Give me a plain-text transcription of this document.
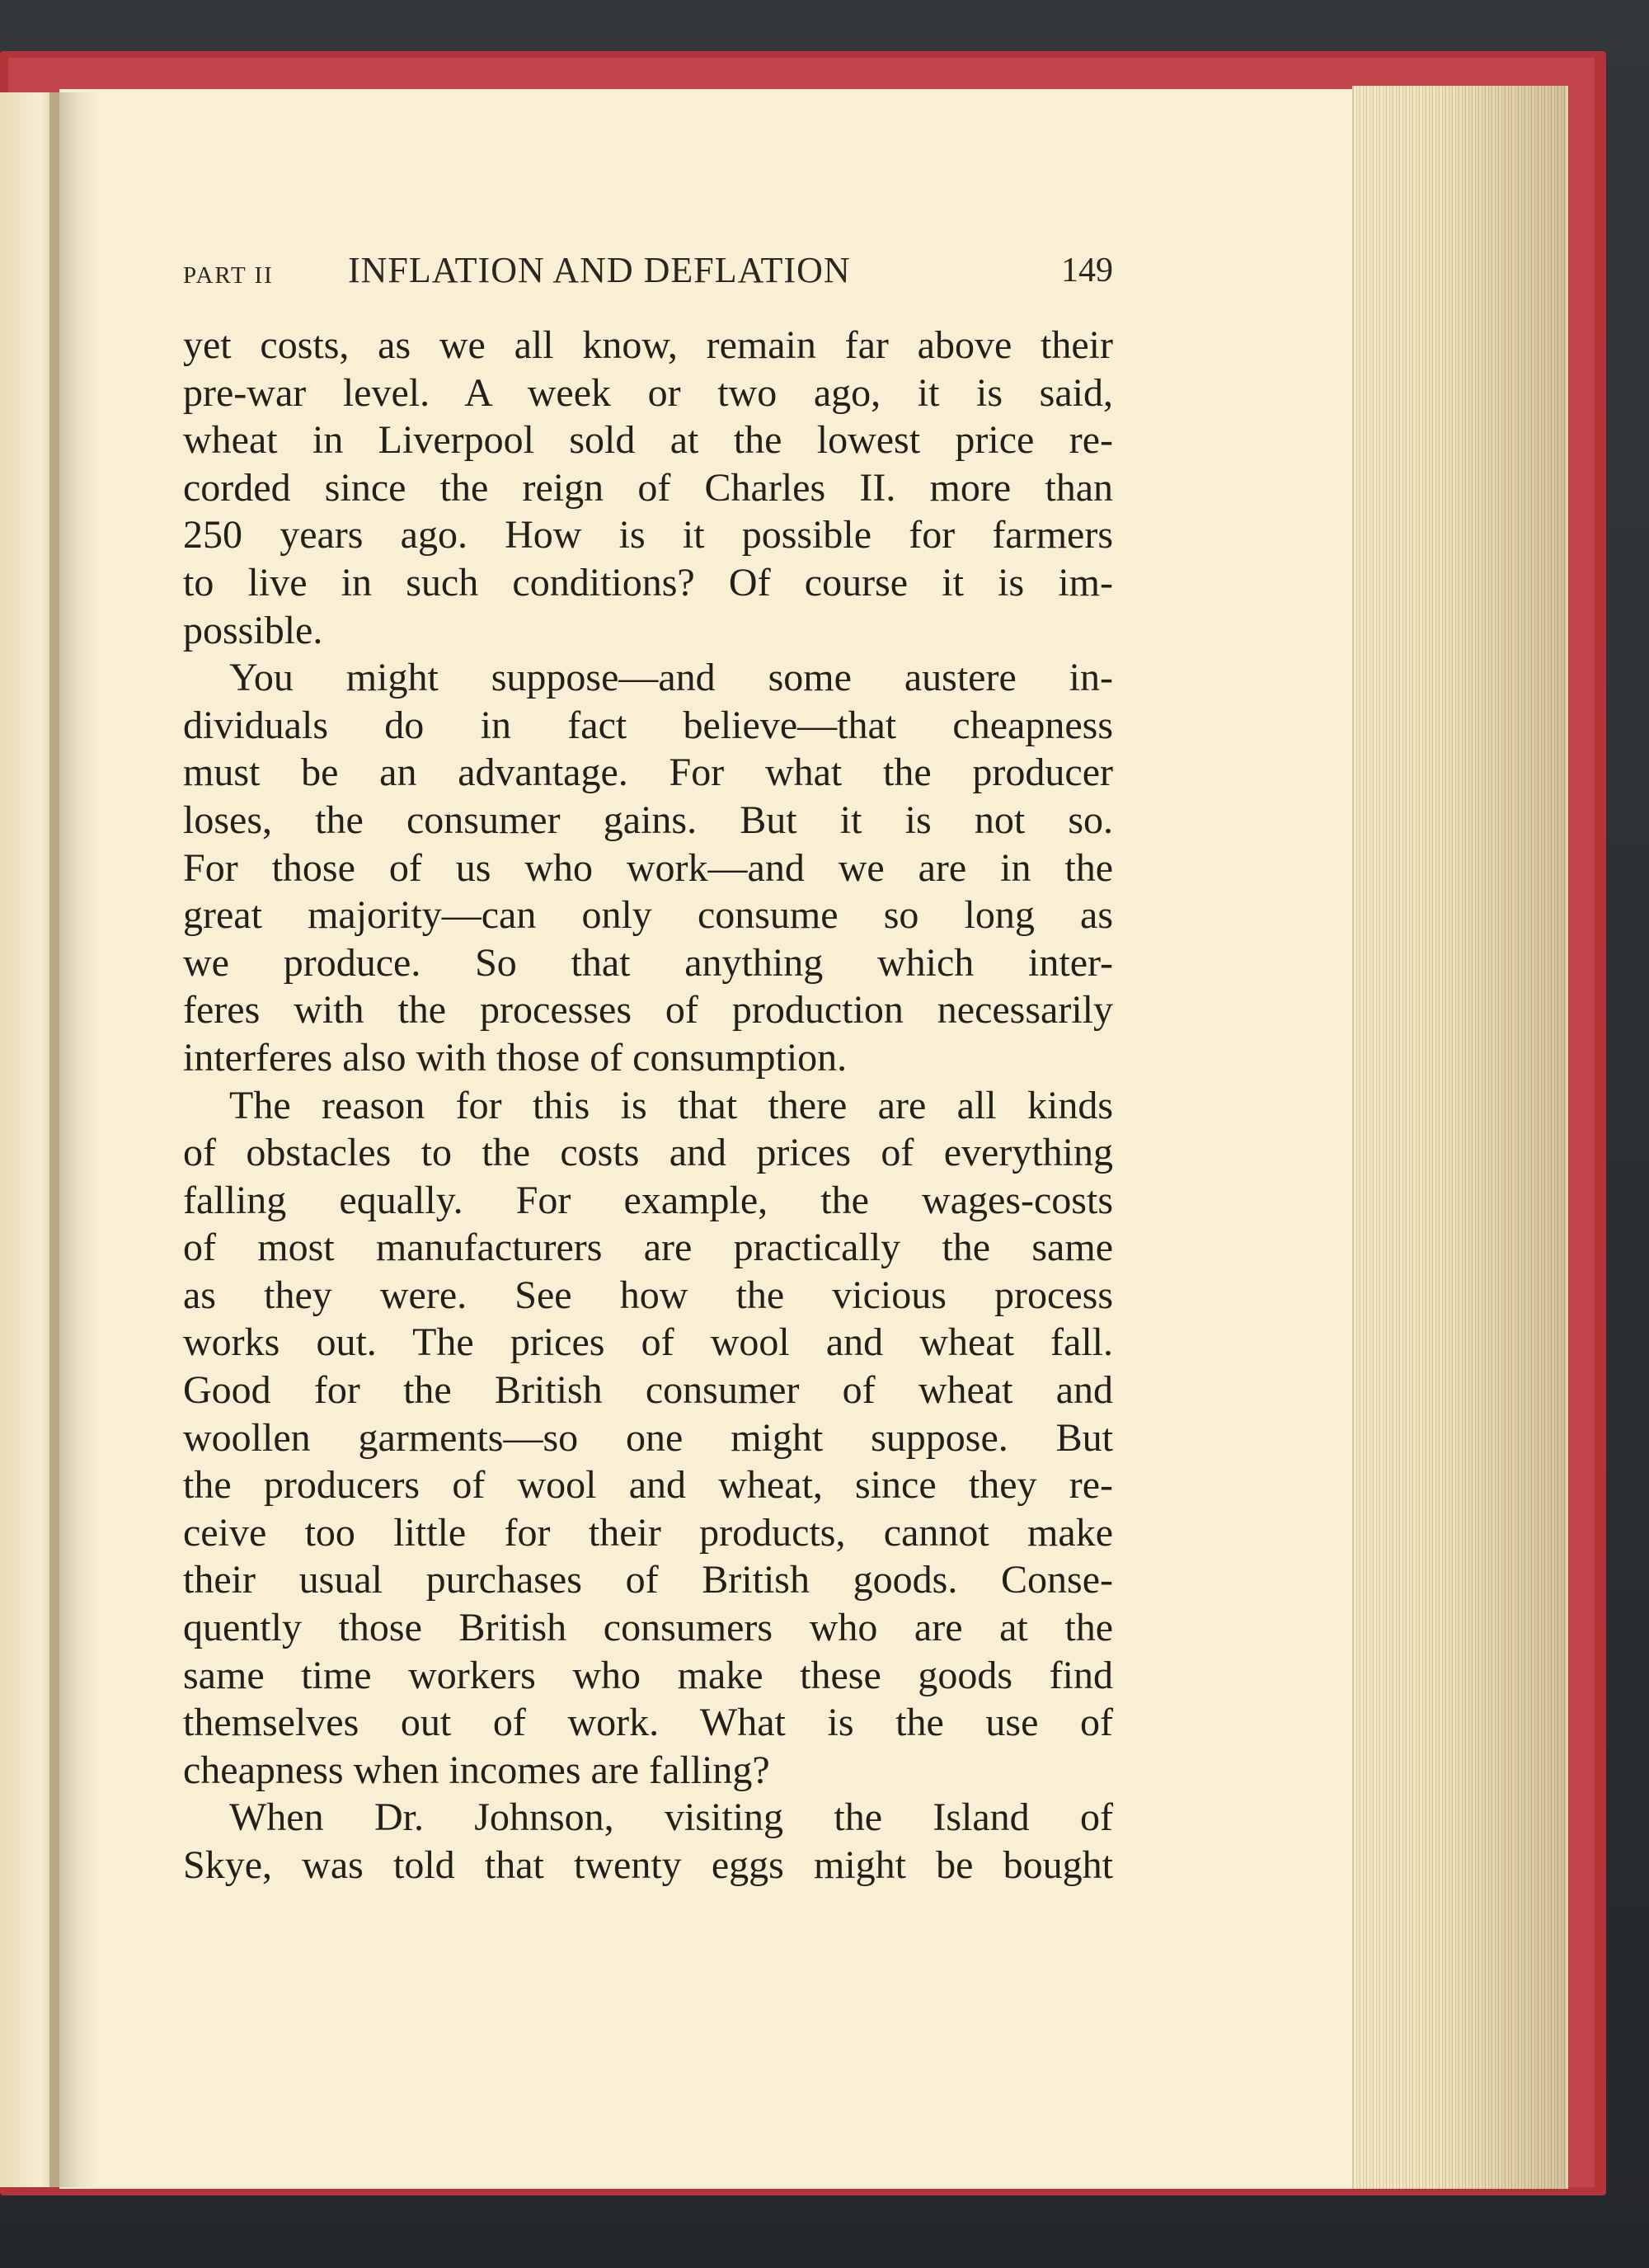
PART II INFLATION AND DEFLATION	149
yet costs, as we all know, remain far above their
pre-war level. A week or two ago, it is said,
wheat in Liverpool sold at the lowest price re-
corded since the reign of Charles II. more than
250 years ago. How is it possible for farmers
to live in such conditions? Of course it is im-
possible.
You might suppose—and some austere in-
dividuals do in fact believe—that cheapness
must be an advantage. For what the producer
loses, the consumer gains. But it is not so.
For those of us who work—and we are in the
great majority—can only consume so long as
we produce. So that anything which inter-
feres with the processes of production necessarily
interferes also with those of consumption.
The reason for this is that there are all kinds
of obstacles to the costs and prices of everything
falling equally. For example, the wages-costs
of most manufacturers are practically the same
as they were. See how the vicious process
works out. The prices of wool and wheat fall.
Good for the British consumer of wheat and
woollen garments—so one might suppose. But
the producers of wool and wheat, since they re-
ceive too little for their products, cannot make
their usual purchases of British goods. Conse-
quently those British consumers who are at the
same time workers who make these goods find
themselves out of work. What is the use of
cheapness when incomes are falling?
When Dr. Johnson, visiting the Island of
Skye, was told that twenty eggs might be bought
